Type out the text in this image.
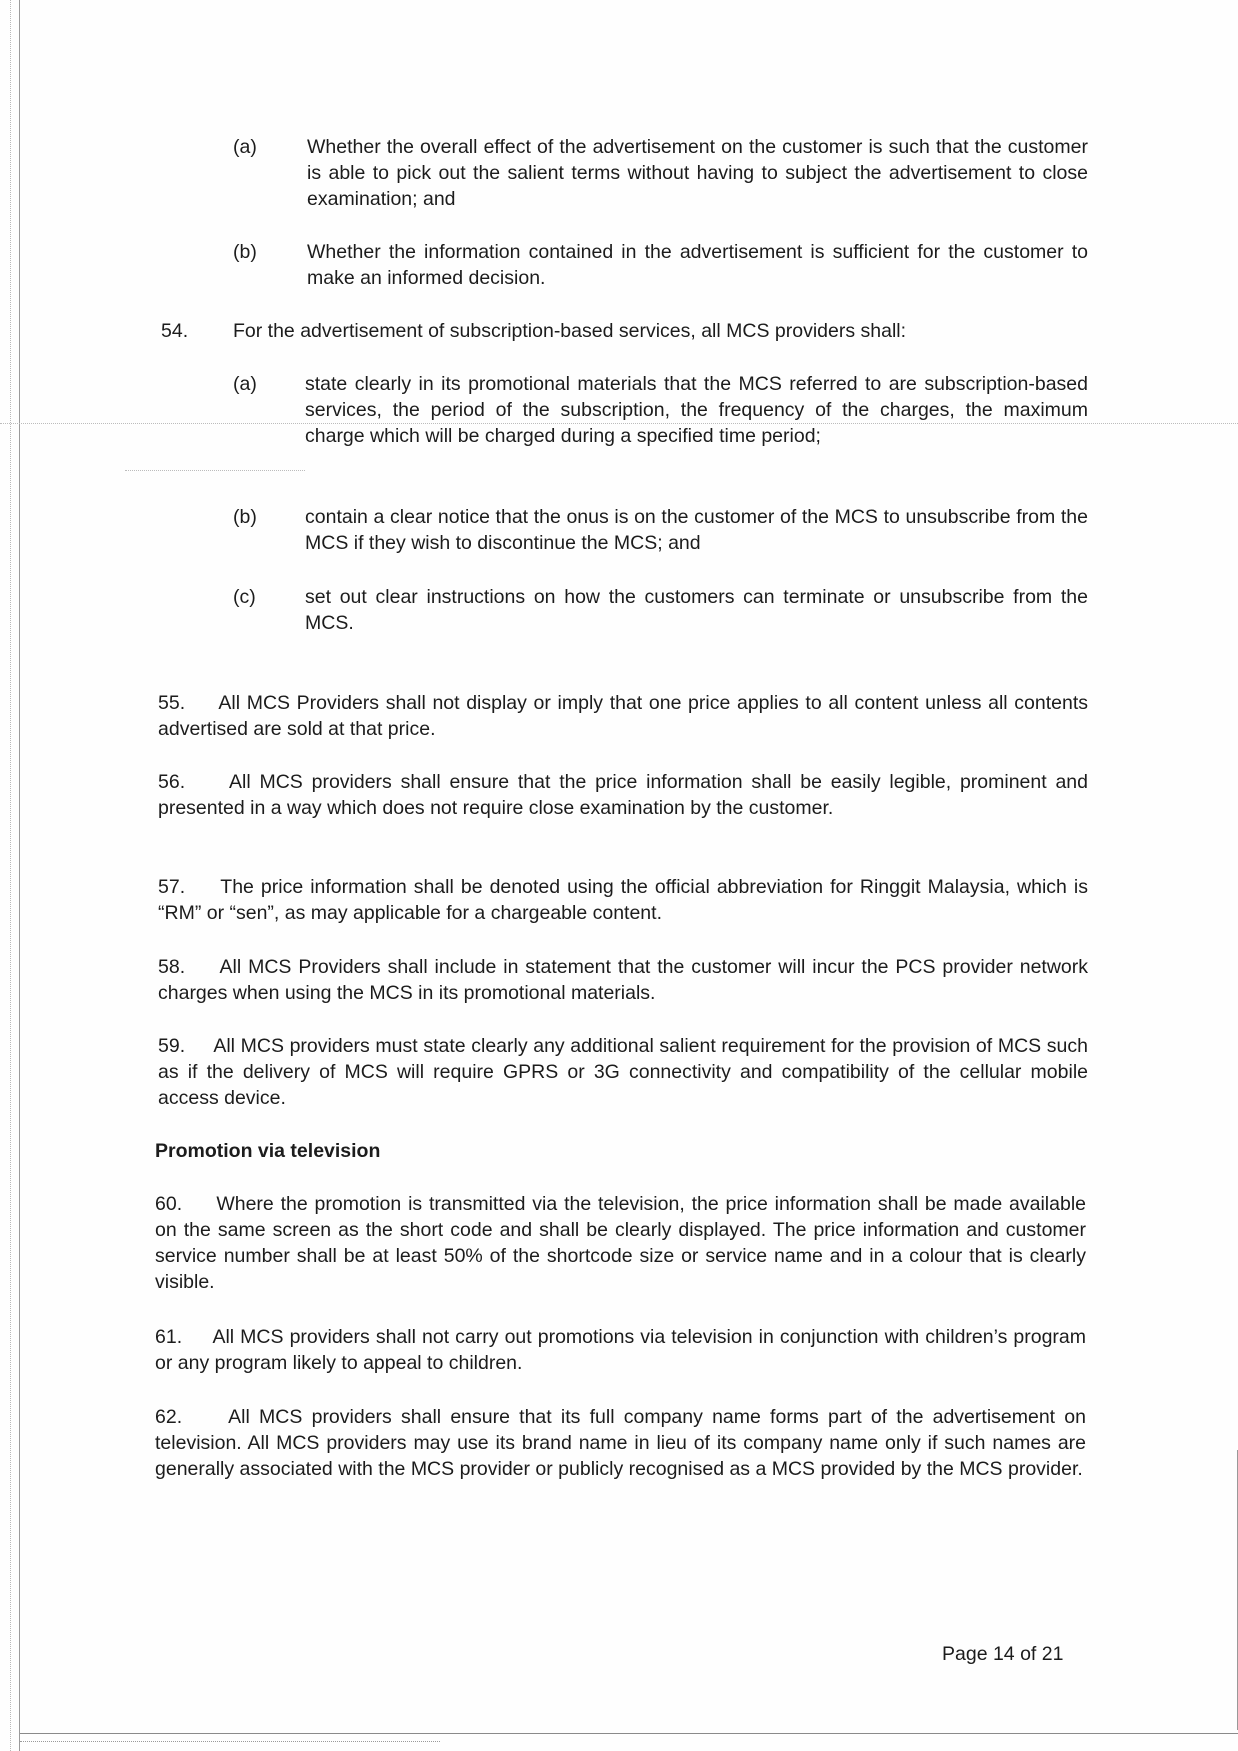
(a)	Whether the overall effect of the advertisement on the customer is such that the customer is able to pick out the salient terms without having to subject the advertisement to close examination; and
(b)	Whether the information contained in the advertisement is sufficient for the customer to make an informed decision.
54. For the advertisement of subscription-based services, all MCS providers shall:
(a) state clearly in its promotional materials that the MCS referred to are subscription-based services, the period of the subscription, the frequency of the charges, the maximum charge which will be charged during a specified time period;
(b) contain a clear notice that the onus is on the customer of the MCS to unsubscribe from the MCS if they wish to discontinue the MCS; and
(c)	set out clear instructions on how the customers can terminate or unsubscribe from the MCS.
55. All MCS Providers shall not display or imply that one price applies to all content unless all contents advertised are sold at that price.
56. All MCS providers shall ensure that the price information shall be easily legible, prominent and presented in a way which does not require close examination by the customer.
57. The price information shall be denoted using the official abbreviation for Ringgit Malaysia, which is “RM” or “sen”, as may applicable for a chargeable content.
58. All MCS Providers shall include in statement that the customer will incur the PCS provider network charges when using the MCS in its promotional materials.
59. All MCS providers must state clearly any additional salient requirement for the provision of MCS such as if the delivery of MCS will require GPRS or 3G connectivity and compatibility of the cellular mobile access device.
Promotion via television
60. Where the promotion is transmitted via the television, the price information shall be made available on the same screen as the short code and shall be clearly displayed. The price information and customer service number shall be at least 50% of the shortcode size or service name and in a colour that is clearly visible.
61. All MCS providers shall not carry out promotions via television in conjunction with children’s program or any program likely to appeal to children.
62. All MCS providers shall ensure that its full company name forms part of the advertisement on television. All MCS providers may use its brand name in lieu of its company name only if such names are generally associated with the MCS provider or publicly recognised as a MCS provided by the MCS provider.
Page 14 of 21
